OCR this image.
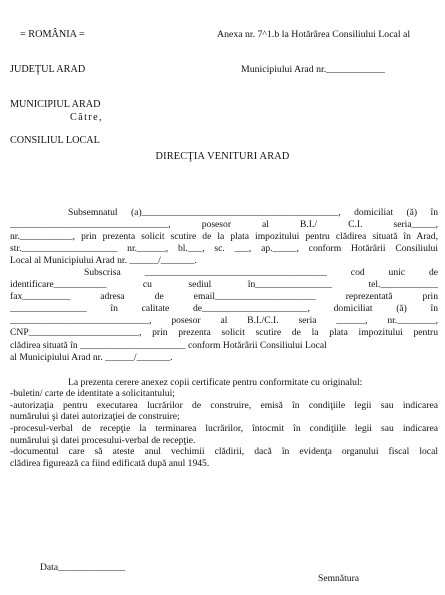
= ROMÂNIA =

JUDEŢUL ARAD

MUNICIPIUL ARAD

CONSILIUL LOCAL

Anexa nr. 7^1.b la Hotărârea Consiliului Local al

Municipiului Arad nr.____________

Către,
DIRECŢIA VENITURI ARAD
Subsemnatul (a)_________________________________________, domiciliat (ă) în
_________________________________, posesor al B.I./ C.I. seria_____,
nr.___________, prin prezenta solicit scutire de la plata impozitului pentru clădirea situată în Arad,
str.____________________ nr.______, bl.___, sc. ___, ap._____, conform Hotărârii Consiliului
Local al Municipiului Arad nr. ______/_______.
Subscrisa ______________________________________ cod unic de
identificare___________ cu sediul în________________ tel.____________
fax__________ adresa de email_____________________ reprezentată prin
________________ în calitate de______________________, domiciliat (ă) în
_____________________________, posesor al B.I./C.I. seria ______, nr.________,
CNP_______________________, prin prezenta solicit scutire de la plata impozitului pentru
clădirea situată în ______________________ conform Hotărârii Consiliului Local
al Municipiului Arad nr. ______/_______.
La prezenta cerere anexez copii certificate pentru conformitate cu originalul:
-buletin/ carte de identitate a solicitantului;
-autorizaţia pentru executarea lucrărilor de construire, emisă în condiţiile legii sau indicarea
numărului şi datei autorizaţiei de construire;
-procesul-verbal de recepţie la terminarea lucrărilor, întocmit în condiţiile legii sau indicarea
numărului şi datei procesului-verbal de recepţie.
-documentul care să ateste anul vechimii clădirii, dacă în evidenţa organului fiscal local
clădirea figurează ca fiind edificată după anul 1945.

Data______________

Semnătura
